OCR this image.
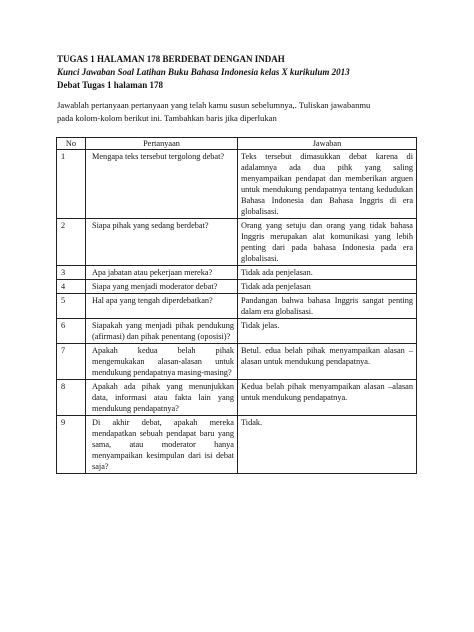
TUGAS 1 HALAMAN 178 BERDEBAT DENGAN INDAH
Kunci Jawaban Soal Latihan Buku Bahasa Indonesia kelas X kurikulum 2013
Debat Tugas 1 halaman 178
Jawablah pertanyaan pertanyaan yang telah kamu susun sebelumnya,. Tuliskan jawabanmu
pada kolom-kolom berikut ini. Tambahkan baris jika diperlukan
No	Pertanyaan	Jawaban
1	Mengapa teks tersebut tergolong debat?	Teks tersebut dimasukkan debat karena di adalamnya ada dua pihk yang saling menyampaikan pendapat dan memberikan arguen untuk mendukung pendapatnya tentang kedudukan Bahasa Indonesia dan Bahasa Inggris di era globalisasi.
2	Siapa pihak yang sedang berdebat?	Orang yang setuju dan orang yang tidak bahasa Inggris merupakan alat komunikasi yang lebih penting dari pada bahasa Indonesia pada era globalisasi.
3	Apa jabatan atau pekerjaan mereka?	Tidak ada penjelasan.
4	Siapa yang menjadi moderator debat?	Tidak ada penjelasan
5	Hal apa yang tengah diperdebatkan?	Pandangan bahwa bahasa Inggris sangat penting dalam era globalisasi.
6	Siapakah yang menjadi pihak pendukung (afirmasi) dan pihak penentang (oposisi)?	Tidak jelas.
7	Apakah kedua belah pihak mengemukakan alasan-alasan untuk mendukung pendapatnya masing-masing?	Betul. edua belah pihak menyampaikan alasan – alasan untuk mendukung pendapatnya.
8	Apakah ada pihak yang menunjukkan data, informasi atau fakta lain yang mendukung pendapatnya?	Kedua belah pihak menyampaikan alasan –alasan untuk mendukung pendapatnya.
9	Di akhir debat, apakah mereka mendapatkan sebuah pendapat baru yang sama, atau moderator hanya menyampaikan kesimpulan dari isi debat saja?	Tidak.
